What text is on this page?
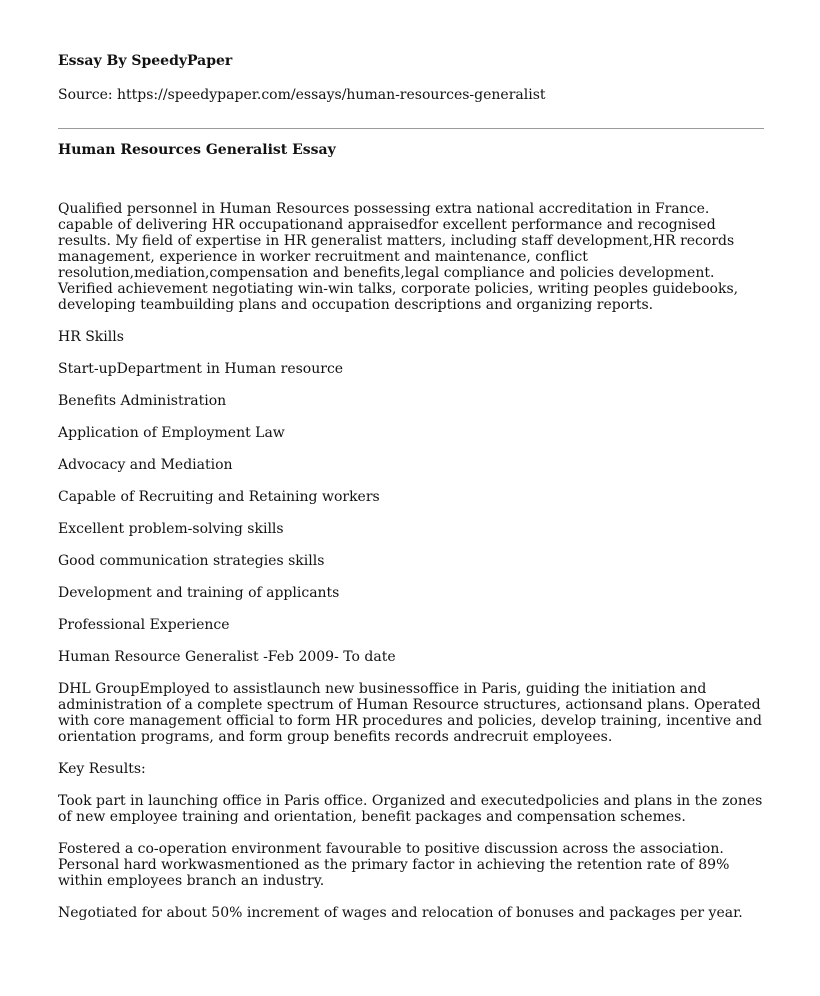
Essay By SpeedyPaper
Source: https://speedypaper.com/essays/human-resources-generalist
Human Resources Generalist Essay

Qualified personnel in Human Resources possessing extra national accreditation in France. capable of delivering HR occupationand appraisedfor excellent performance and recognised results. My field of expertise in HR generalist matters, including staff development,HR records management, experience in worker recruitment and maintenance, conflict resolution,mediation,compensation and benefits,legal compliance and policies development. Verified achievement negotiating win-win talks, corporate policies, writing peoples guidebooks, developing teambuilding plans and occupation descriptions and organizing reports.

HR Skills

Start-upDepartment in Human resource

Benefits Administration

Application of Employment Law

Advocacy and Mediation

Capable of Recruiting and Retaining workers

Excellent problem-solving skills

Good communication strategies skills

Development and training of applicants

Professional Experience

Human Resource Generalist -Feb 2009- To date

DHL GroupEmployed to assistlaunch new businessoffice in Paris, guiding the initiation and administration of a complete spectrum of Human Resource structures, actionsand plans. Operated with core management official to form HR procedures and policies, develop training, incentive and orientation programs, and form group benefits records andrecruit employees.

Key Results:

Took part in launching office in Paris office. Organized and executedpolicies and plans in the zones of new employee training and orientation, benefit packages and compensation schemes.

Fostered a co-operation environment favourable to positive discussion across the association. Personal hard workwasmentioned as the primary factor in achieving the retention rate of 89% within employees branch an industry.

Negotiated for about 50% increment of wages and relocation of bonuses and packages per year.
